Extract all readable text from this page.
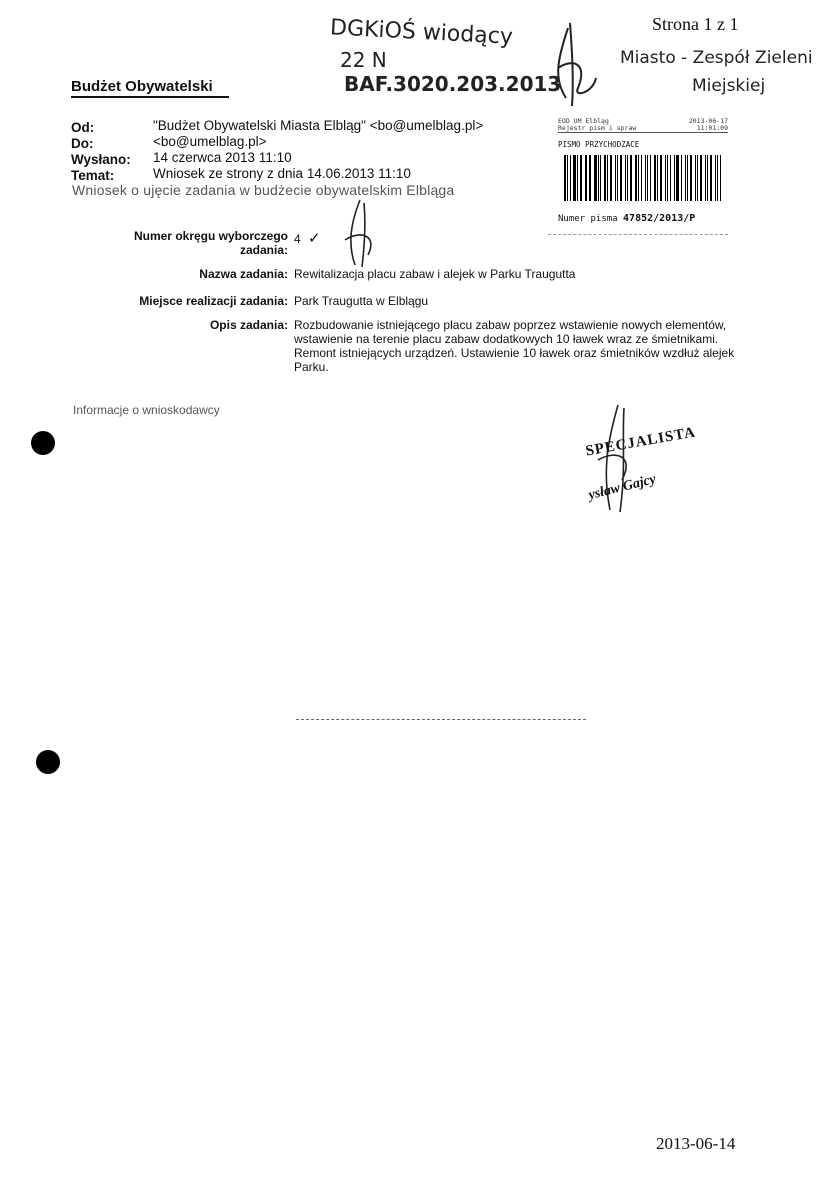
DGKiOŚ wiodący
22 N
BAF.3020.203.2013
Miasto - Zespół Zieleni
Miejskiej
Strona 1 z 1
Budżet Obywatelski
Od:	"Budżet Obywatelski Miasta Elbląg" <bo@umelblag.pl>
Do:	<bo@umelblag.pl>
Wysłano: 14 czerwca 2013 11:10
Temat:	Wniosek ze strony z dnia 14.06.2013 11:10
Wniosek o ujęcie zadania w budżecie obywatelskim Elbląga
EOD UM Elbląg	2013-06-17
Rejestr pism i spraw	11:01:09
PISMO PRZYCHODZACE
Numer pisma 47852/2013/P
Numer okręgu wyborczego
zadania:
4 ✓
Nazwa zadania: Rewitalizacja placu zabaw i alejek w Parku Traugutta
Miejsce realizacji zadania: Park Traugutta w Elblągu
Opis zadania: Rozbudowanie istniejącego placu zabaw poprzez wstawienie nowych elementów, wstawienie na terenie placu zabaw dodatkowych 10 ławek wraz ze śmietnikami. Remont istniejących urządzeń. Ustawienie 10 ławek oraz śmietników wzdłuż alejek Parku.
Informacje o wnioskodawcy
SPECJALISTA
ysław Gajcy
2013-06-14
